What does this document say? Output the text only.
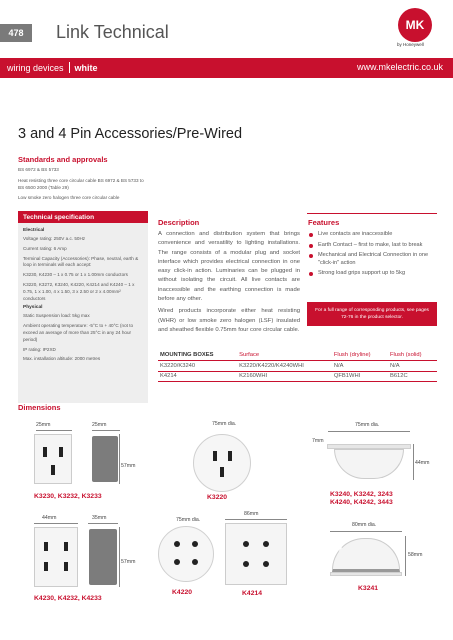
478	Link Technical	MK
by Honeywell
wiring devices white	www.mkelectric.co.uk
3 and 4 Pin Accessories/Pre-Wired
Standards and approvals
BS 6972 & BS 5733
Heat resisting three core circular cable BS 6972 & BS 5733 to BS 6500 2000 (Table 29)
Low smoke zero halogen three core circular cable
Technical specification
Electrical
Voltage rating: 250V a.c. 50Hz
Current rating: 6 Amp
Terminal Capacity (Accessories): Phase, neutral, earth & loop in terminals will each accept:
K3230, K4230 – 1 x 0.75 or 1 x 1.00mm conductors
K3220, K3272, K3240, K4220, K4214 and K4240 – 1 x 0.75, 1 x 1.00, 4 x 1.50, 3 x 2.50 or 2 x 4.00mm² conductors
Physical
Static Suspension load: 5kg max
Ambient operating temperature: -5°C to + 40°C (not to exceed an average of more than 25°C in any 24 hour period)
IP rating: IP2XD
Max. installation altitude: 2000 metres
Description

A connection and distribution system that brings convenience and versatility to lighting installations. The range consists of a modular plug and socket interface which provides electrical connection in one easy click-in action. Luminaries can be plugged in without isolating the circuit. All live contacts are inaccessible and the earthing connection is made before any other.

Wired products incorporate either heat resisting (WHR) or low smoke zero halogen (LSF) insulated and sheathed flexible 0.75mm four core circular cable.

Features
Live contacts are inaccessible
Earth Contact – first to make, last to break
Mechanical and Electrical Connection in one "click-in" action
Strong load grips support up to 5kg
For a full range of corresponding products, see pages 72-76 in the product selector.
MOUNTING BOXES	Surface	Flush (dryline)	Flush (solid)
K3220/K3240	K3220/K4220/K4240WHI	N/A	N/A
K4214	K2160WHI	QFB1WHI	B612C
Dimensions
25mm	25mm
57mm
K3230, K3232, K3233
75mm dia.
K3220
75mm dia.
7mm
44mm
K3240, K3242, 3243
K4240, K4242, 3443
44mm	35mm
57mm
K4230, K4232, K4233
75mm dia.
K4220
86mm
K4214
80mm dia.
58mm
K3241
